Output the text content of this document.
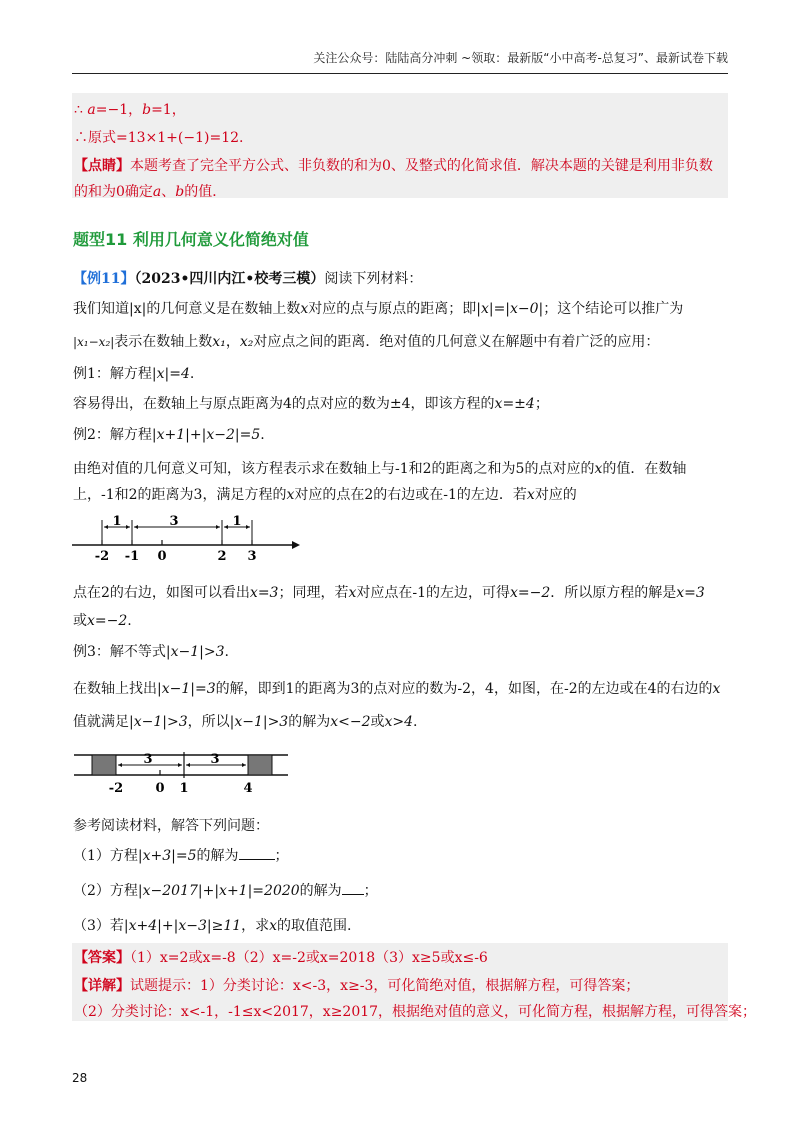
关注公众号：陆陆高分冲刺 ~领取：最新版“小中高考-总复习”、最新试卷下载
∴ a=−1，b=1，
∴原式=13×1+(−1)=12.
【点睛】本题考查了完全平方公式、非负数的和为0、及整式的化简求值．解决本题的关键是利用非负数
的和为0确定a、b的值．
题型11 利用几何意义化简绝对值
【例11】（2023•四川内江•校考三模）阅读下列材料：
我们知道|x|的几何意义是在数轴上数x对应的点与原点的距离；即|x|=|x−0|；这个结论可以推广为
|x₁−x₂|表示在数轴上数x₁，x₂对应点之间的距离．绝对值的几何意义在解题中有着广泛的应用：
例1：解方程|x|=4.
容易得出，在数轴上与原点距离为4的点对应的数为±4，即该方程的x=±4；
例2：解方程|x+1|+|x−2|=5.
由绝对值的几何意义可知，该方程表示求在数轴上与-1和2的距离之和为5的点对应的x的值．在数轴
上，-1和2的距离为3，满足方程的x对应的点在2的右边或在-1的左边．若x对应的
1	3	1
-2 -1 0	2 3
点在2的右边，如图可以看出x=3；同理，若x对应点在-1的左边，可得x=−2．所以原方程的解是x=3
或x=−2.
例3：解不等式|x−1|>3.
在数轴上找出|x−1|=3的解，即到1的距离为3的点对应的数为-2，4，如图，在-2的左边或在4的右边的x
值就满足|x−1|>3，所以|x−1|>3的解为x<−2或x>4.
3	3
-2 0 1	4
参考阅读材料，解答下列问题：
（1）方程|x+3|=5的解为	；
（2）方程|x−2017|+|x+1|=2020的解为 ；
（3）若|x+4|+|x−3|≥11，求x的取值范围.
【答案】（1）x=2或x=-8（2）x=-2或x=2018（3）x≥5或x≤-6
【详解】试题提示：1）分类讨论：x<-3，x≥-3，可化简绝对值，根据解方程，可得答案；
（2）分类讨论：x<-1，-1≤x<2017，x≥2017，根据绝对值的意义，可化简方程，根据解方程，可得答案；
28
